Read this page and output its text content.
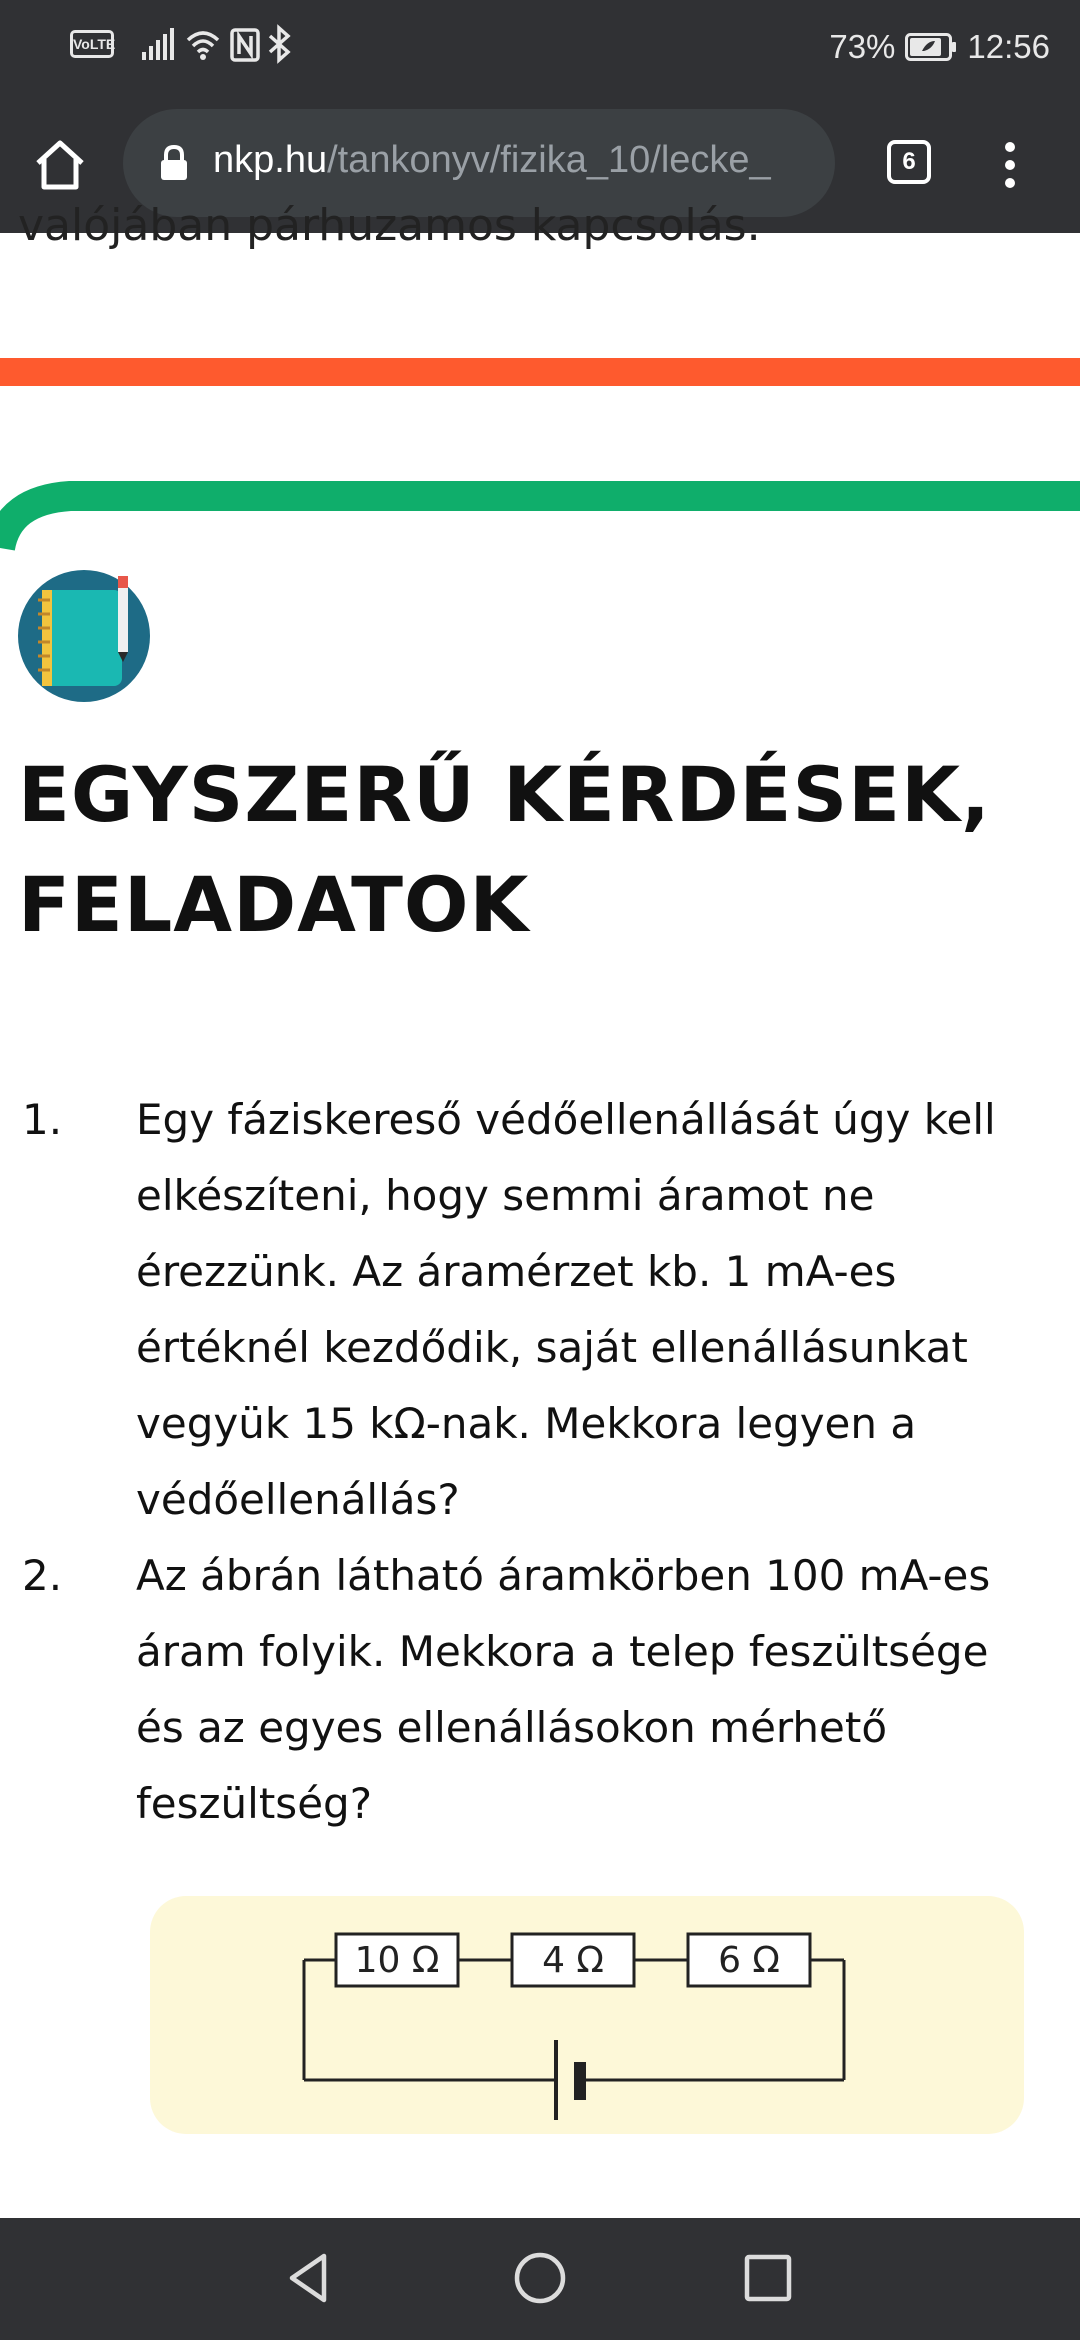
VoLTE	73% 12:56
nkp.hu/tankonyv/fizika_10/lecke_	6
valójában párhuzamos kapcsolás.
EGYSZERŰ KÉRDÉSEK, FELADATOK
1. Egy fáziskereső védőellenállását úgy kell elkészíteni, hogy semmi áramot ne érezzünk. Az áramérzet kb. 1 mA-es értéknél kezdődik, saját ellenállásunkat vegyük 15 kΩ-nak. Mekkora legyen a védőellenállás?
2. Az ábrán látható áramkörben 100 mA-es áram folyik. Mekkora a telep feszültsége és az egyes ellenállásokon mérhető feszültség?
10 Ω	4 Ω	6 Ω
